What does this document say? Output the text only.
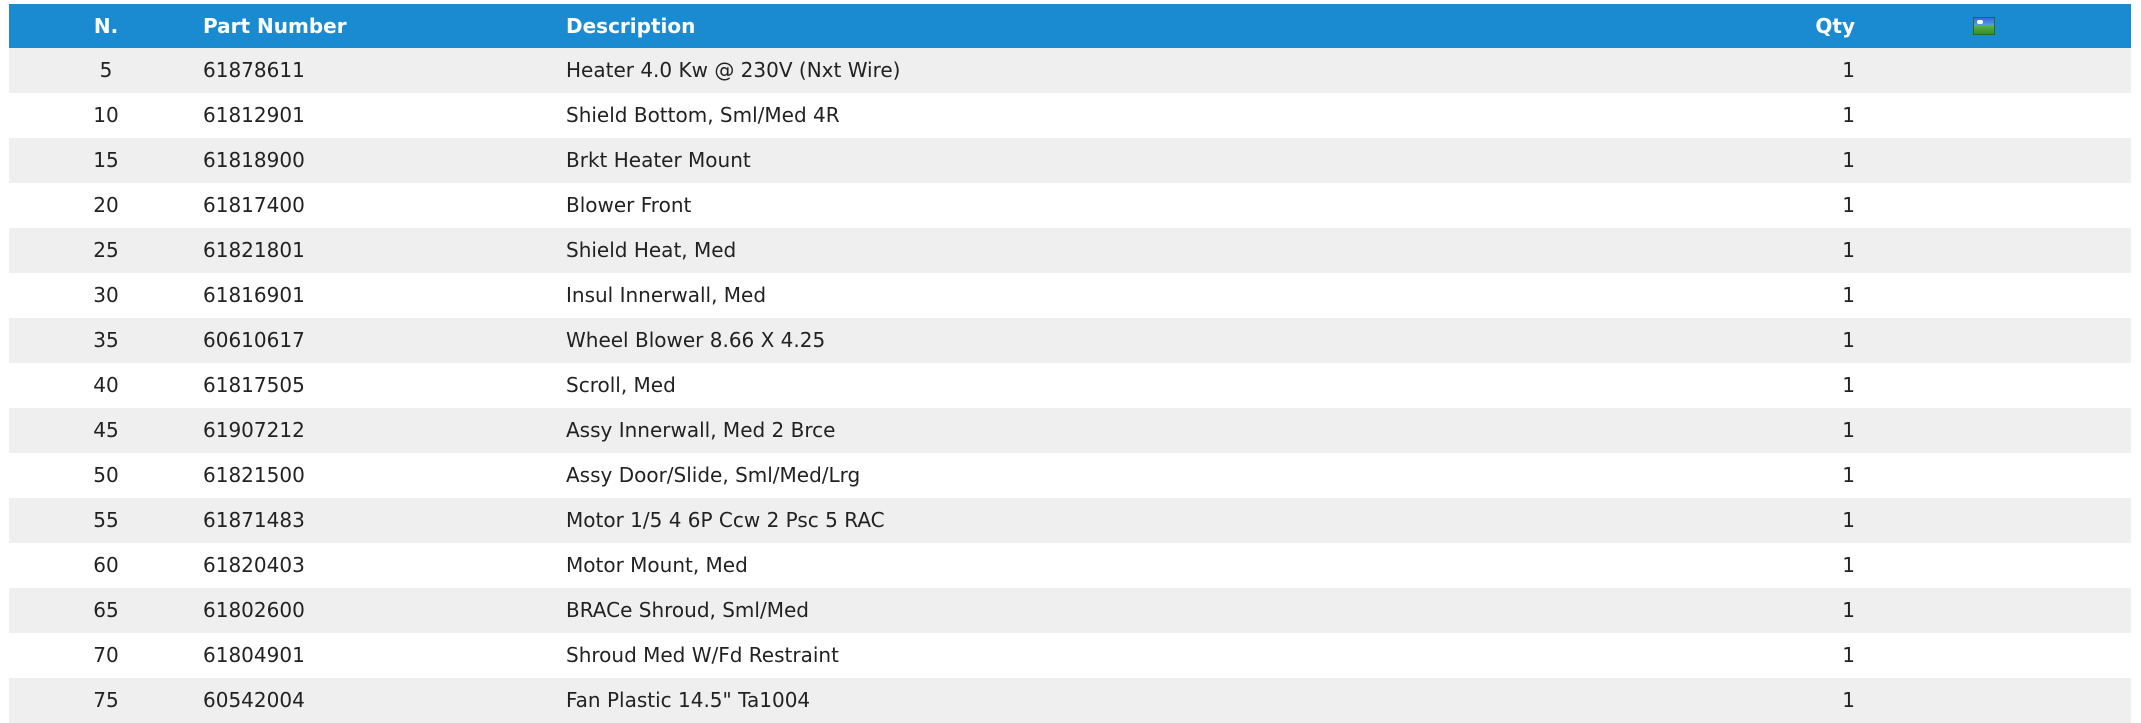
N.	Part Number	Description	Qty	

5	61878611	Heater 4.0 Kw @ 230V (Nxt Wire)	1	
10	61812901	Shield Bottom, Sml/Med 4R	1	
15	61818900	Brkt Heater Mount	1	
20	61817400	Blower Front	1	
25	61821801	Shield Heat, Med	1	
30	61816901	Insul Innerwall, Med	1	
35	60610617	Wheel Blower 8.66 X 4.25	1	
40	61817505	Scroll, Med	1	
45	61907212	Assy Innerwall, Med 2 Brce	1	
50	61821500	Assy Door/Slide, Sml/Med/Lrg	1	
55	61871483	Motor 1/5 4 6P Ccw 2 Psc 5 RAC	1	
60	61820403	Motor Mount, Med	1	
65	61802600	BRACe Shroud, Sml/Med	1	
70	61804901	Shroud Med W/Fd Restraint	1	
75	60542004	Fan Plastic 14.5" Ta1004	1	
